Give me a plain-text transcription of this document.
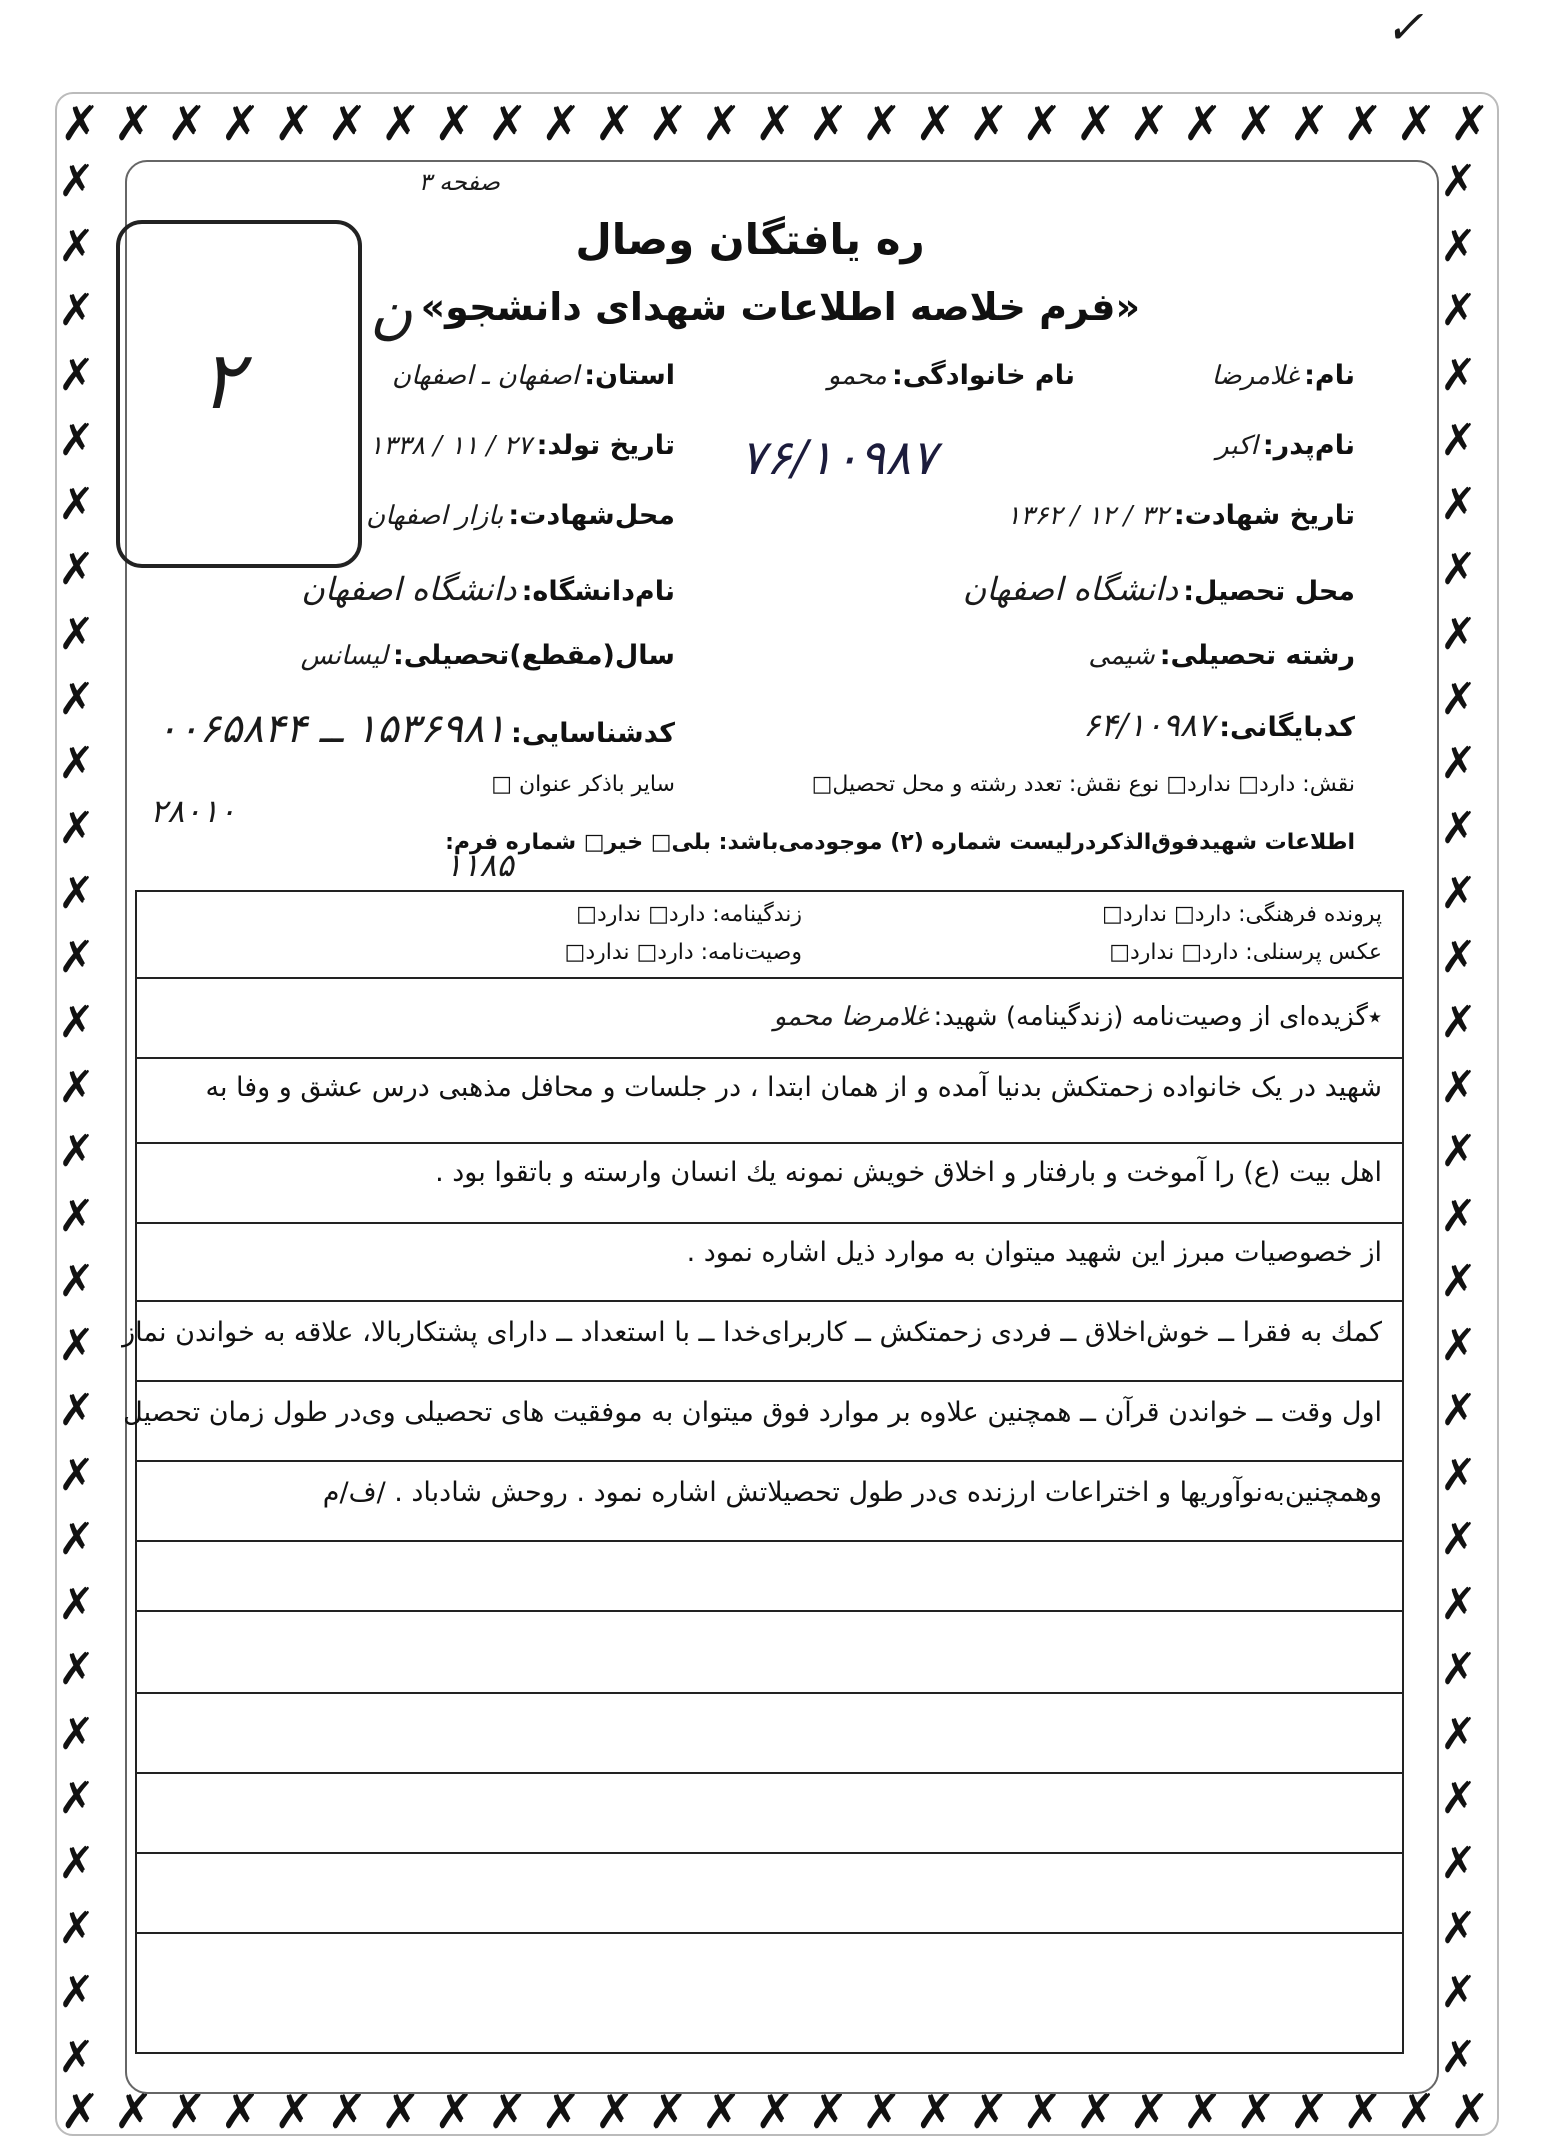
✓
✗ ✗ ✗ ✗ ✗ ✗ ✗ ✗ ✗ ✗ ✗ ✗ ✗ ✗ ✗ ✗ ✗ ✗ ✗ ✗ ✗ ✗ ✗ ✗ ✗ ✗ ✗
✗ ✗ ✗ ✗ ✗ ✗ ✗ ✗ ✗ ✗ ✗ ✗ ✗ ✗ ✗ ✗ ✗ ✗ ✗ ✗ ✗ ✗ ✗ ✗ ✗ ✗ ✗
✗
✗
✗
✗
✗
✗
✗
✗
✗
✗
✗
✗
✗
✗
✗
✗
✗
✗
✗
✗
✗
✗
✗
✗
✗
✗
✗
✗
✗
✗
✗
✗
✗
✗
✗
✗
✗
✗
✗
✗
✗
✗
✗
✗
✗
✗
✗
✗
✗
✗
✗
✗
✗
✗
✗
✗
✗
✗
✗
✗
‫۲‬
صفحه ۳
ره یافتگان وصال
«فرم خلاصه اطلاعات شهدای دانشجو»
ن
نام: غلامرضا
نام خانوادگی: محمو
استان: اصفهان ـ اصفهان
نام‌پدر: اکبر
تاریخ تولد: ۲۷ / ۱۱ / ۱۳۳۸	۷۶/۱۰۹۸۷
تاریخ شهادت: ۳۲ / ۱۲ / ۱۳۶۲
محل‌شهادت: بازار اصفهان
محل تحصیل: دانشگاه اصفهان
نام‌دانشگاه: دانشگاه اصفهان
رشته تحصیلی: شیمی
سال(مقطع)تحصیلی: لیسانس
کدبایگانی: ۶۴/۱۰۹۸۷
کدشناسایی: ۱۵۳۶۹۸۱ ــ ۰۰۶۵۸۴۴
نقش: دارد□ ندارد□ نوع نقش: تعدد رشته و محل تحصیل□
سایر باذکر عنوان □
۲۸۰۱۰
اطلاعات شهیدفوق‌الذکردرلیست شماره (۲) موجودمی‌باشد: بلی□ خیر□ شماره فرم:
۱۱۸۵
پرونده فرهنگی: دارد□ ندارد□
زندگینامه: دارد□ ندارد□
عکس پرسنلی: دارد□ ندارد□
وصیت‌نامه: دارد□ ندارد□
٭گزیده‌ای از وصیت‌نامه (زندگینامه) شهید: غلامرضا محمو
شهید در یک خانواده زحمتکش بدنیا آمده و از همان ابتدا ، در جلسات و محافل مذهبی درس عشق و وفا به
اهل بیت (ع) را آموخت و بارفتار و اخلاق خویش نمونه یك انسان وارسته و باتقوا بود .
از خصوصیات مبرز این شهید میتوان به موارد ذیل اشاره نمود .
کمك به فقرا ــ خوش‌اخلاق ــ فردی زحمتکش ــ کاربرای‌خدا ــ با استعداد ــ دارای پشتکاربالا، علاقه به خواندن نماز
اول وقت ــ خواندن قرآن ــ همچنین علاوه بر موارد فوق میتوان به موفقیت های تحصیلی وی‌در طول زمان تحصیل
وهمچنین‌به‌نوآوریها و اختراعات ارزنده ی‌در طول تحصیلاتش اشاره نمود . روحش شادباد . /ف/م
